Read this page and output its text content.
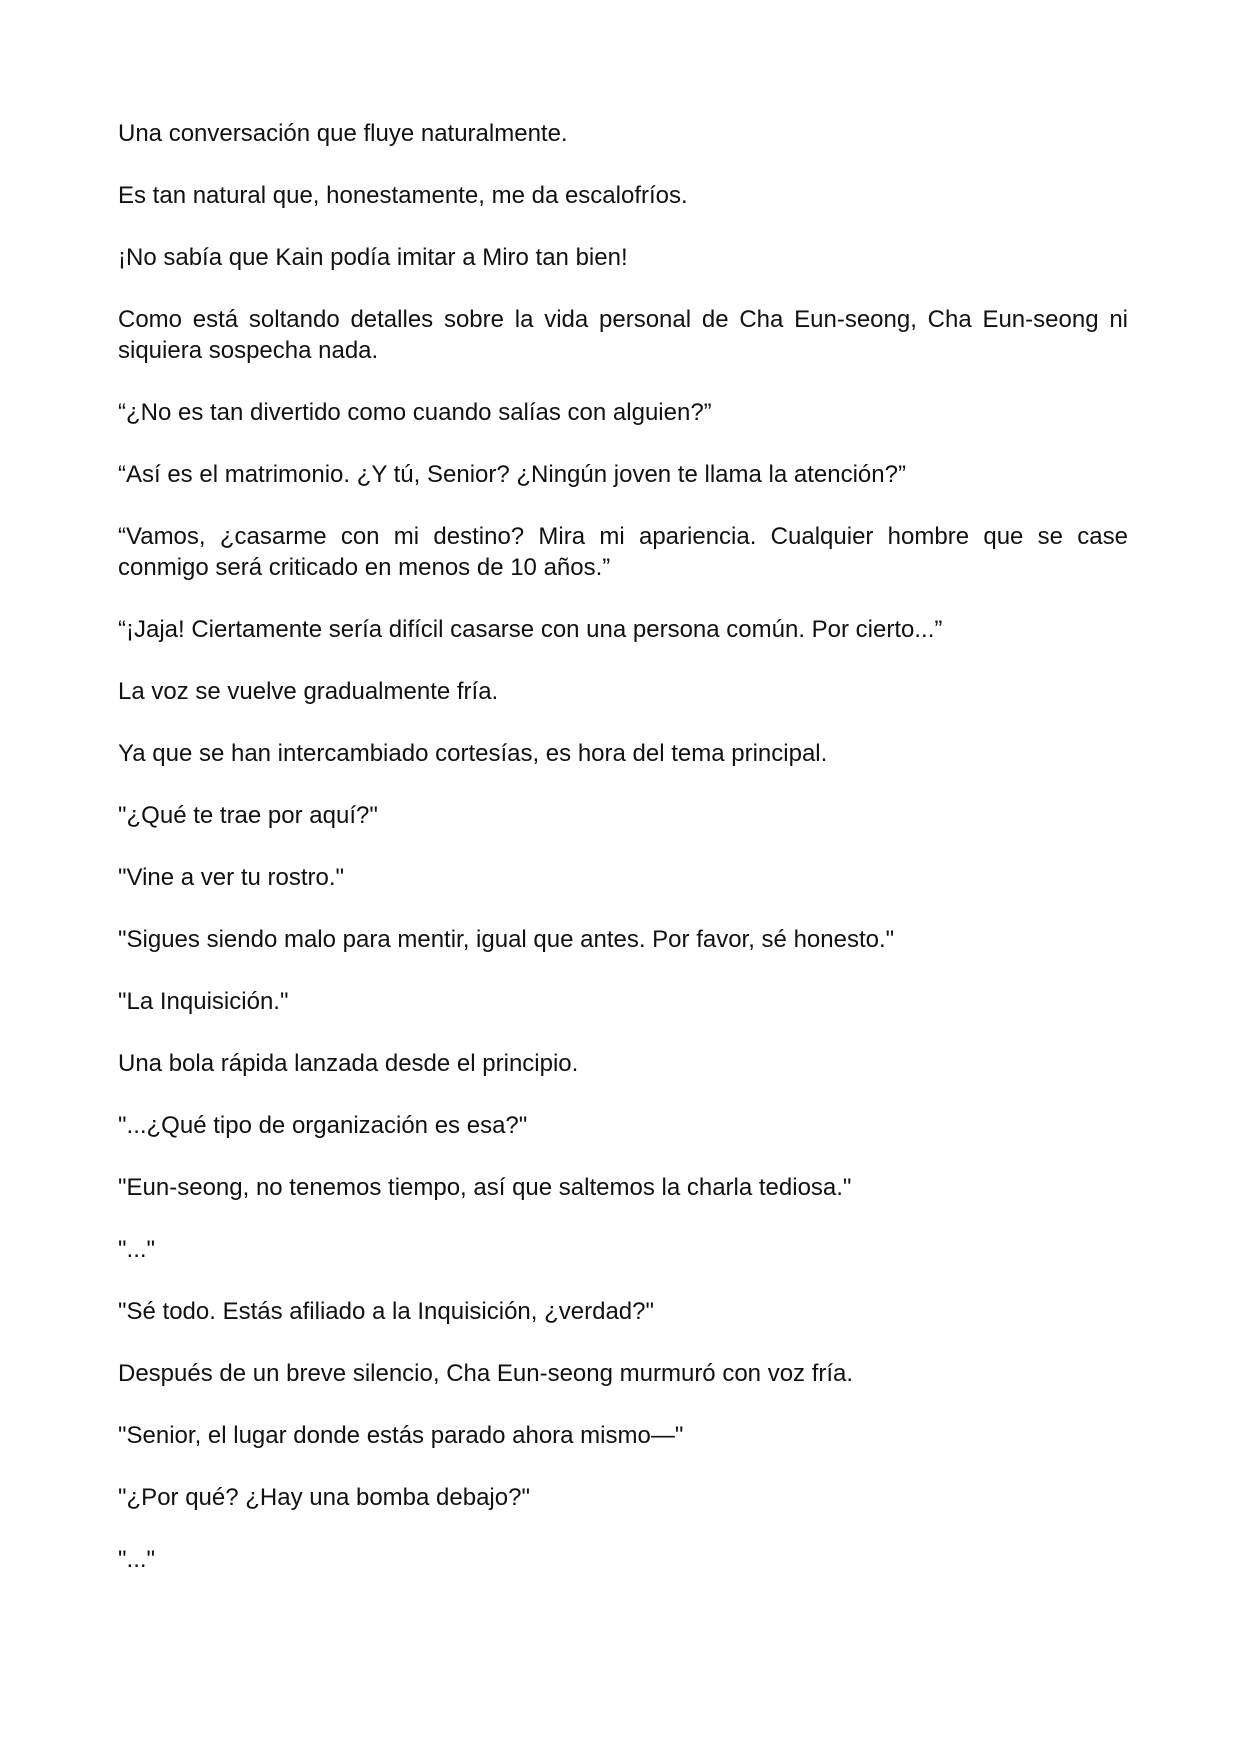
Una conversación que fluye naturalmente.

Es tan natural que, honestamente, me da escalofríos.

¡No sabía que Kain podía imitar a Miro tan bien!

Como está soltando detalles sobre la vida personal de Cha Eun-seong, Cha Eun-seong ni siquiera sospecha nada.

“¿No es tan divertido como cuando salías con alguien?”

“Así es el matrimonio. ¿Y tú, Senior? ¿Ningún joven te llama la atención?”

“Vamos, ¿casarme con mi destino? Mira mi apariencia. Cualquier hombre que se case conmigo será criticado en menos de 10 años.”

“¡Jaja! Ciertamente sería difícil casarse con una persona común. Por cierto...”

La voz se vuelve gradualmente fría.

Ya que se han intercambiado cortesías, es hora del tema principal.

"¿Qué te trae por aquí?"

"Vine a ver tu rostro."

"Sigues siendo malo para mentir, igual que antes. Por favor, sé honesto."

"La Inquisición."

Una bola rápida lanzada desde el principio.

"...¿Qué tipo de organización es esa?"

"Eun-seong, no tenemos tiempo, así que saltemos la charla tediosa."

"..."

"Sé todo. Estás afiliado a la Inquisición, ¿verdad?"

Después de un breve silencio, Cha Eun-seong murmuró con voz fría.

"Senior, el lugar donde estás parado ahora mismo—"

"¿Por qué? ¿Hay una bomba debajo?"

"..."
